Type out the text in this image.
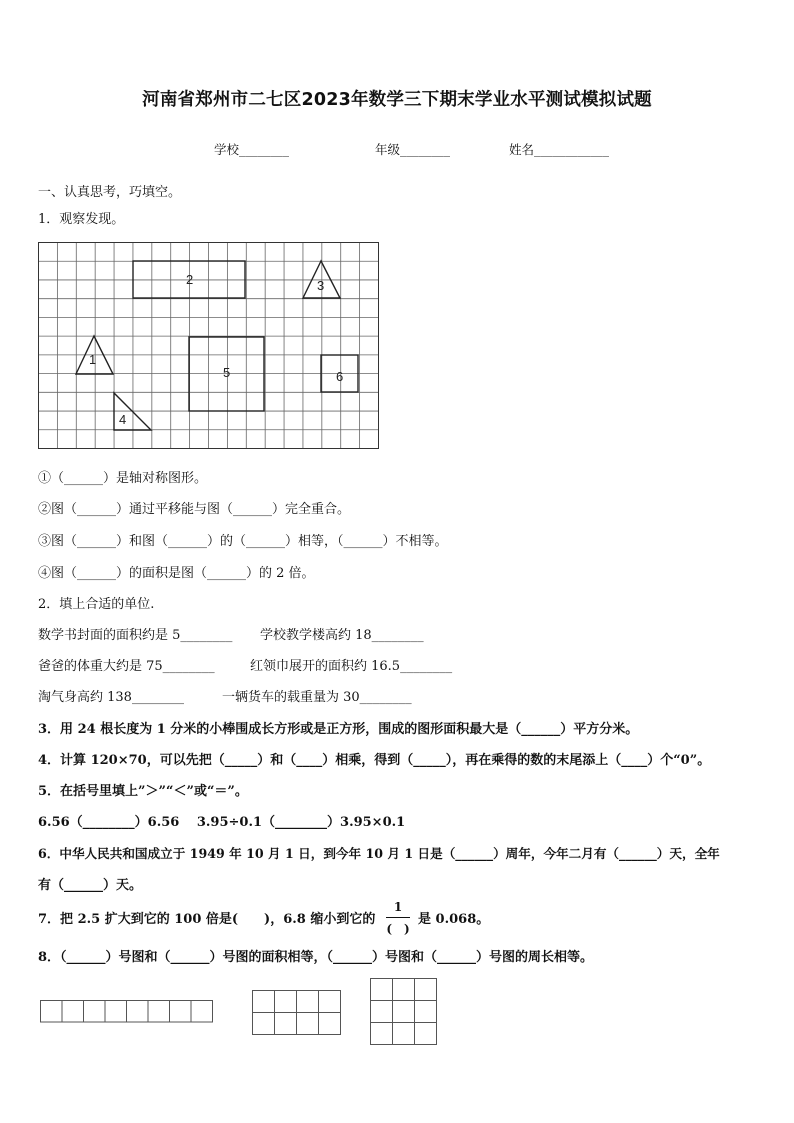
河南省郑州市二七区2023年数学三下期末学业水平测试模拟试题
学校________	年级________	姓名____________
一、认真思考，巧填空。
1．观察发现。
2	3
1
5	6
4
①（______）是轴对称图形。
②图（______）通过平移能与图（______）完全重合。
③图（______）和图（______）的（______）相等，（______）不相等。
④图（______）的面积是图（______）的 2 倍。
2．填上合适的单位.
数学书封面的面积约是 5________ 学校教学楼高约 18________
爸爸的体重大约是 75________	红领巾展开的面积约 16.5________
淘气身高约 138________	一辆货车的载重量为 30________
3．用 24 根长度为 1 分米的小棒围成长方形或是正方形，围成的图形面积最大是（______）平方分米。
4．计算 120×70，可以先把（_____）和（____）相乘，得到（_____），再在乘得的数的末尾添上（____）个“0”。
5．在括号里填上”＞”“＜”或“＝”。
6.56（________）6.56　 3.95÷0.1（________）3.95×0.1
6．中华人民共和国成立于 1949 年 10 月 1 日，到今年 10 月 1 日是（______）周年，今年二月有（______）天，全年
有（______）天。
7．把 2.5 扩大到它的 100 倍是(　　)，6.8 缩小到它的
1
(　)
是 0.068。
8．（______）号图和（______）号图的面积相等，（______）号图和（______）号图的周长相等。
